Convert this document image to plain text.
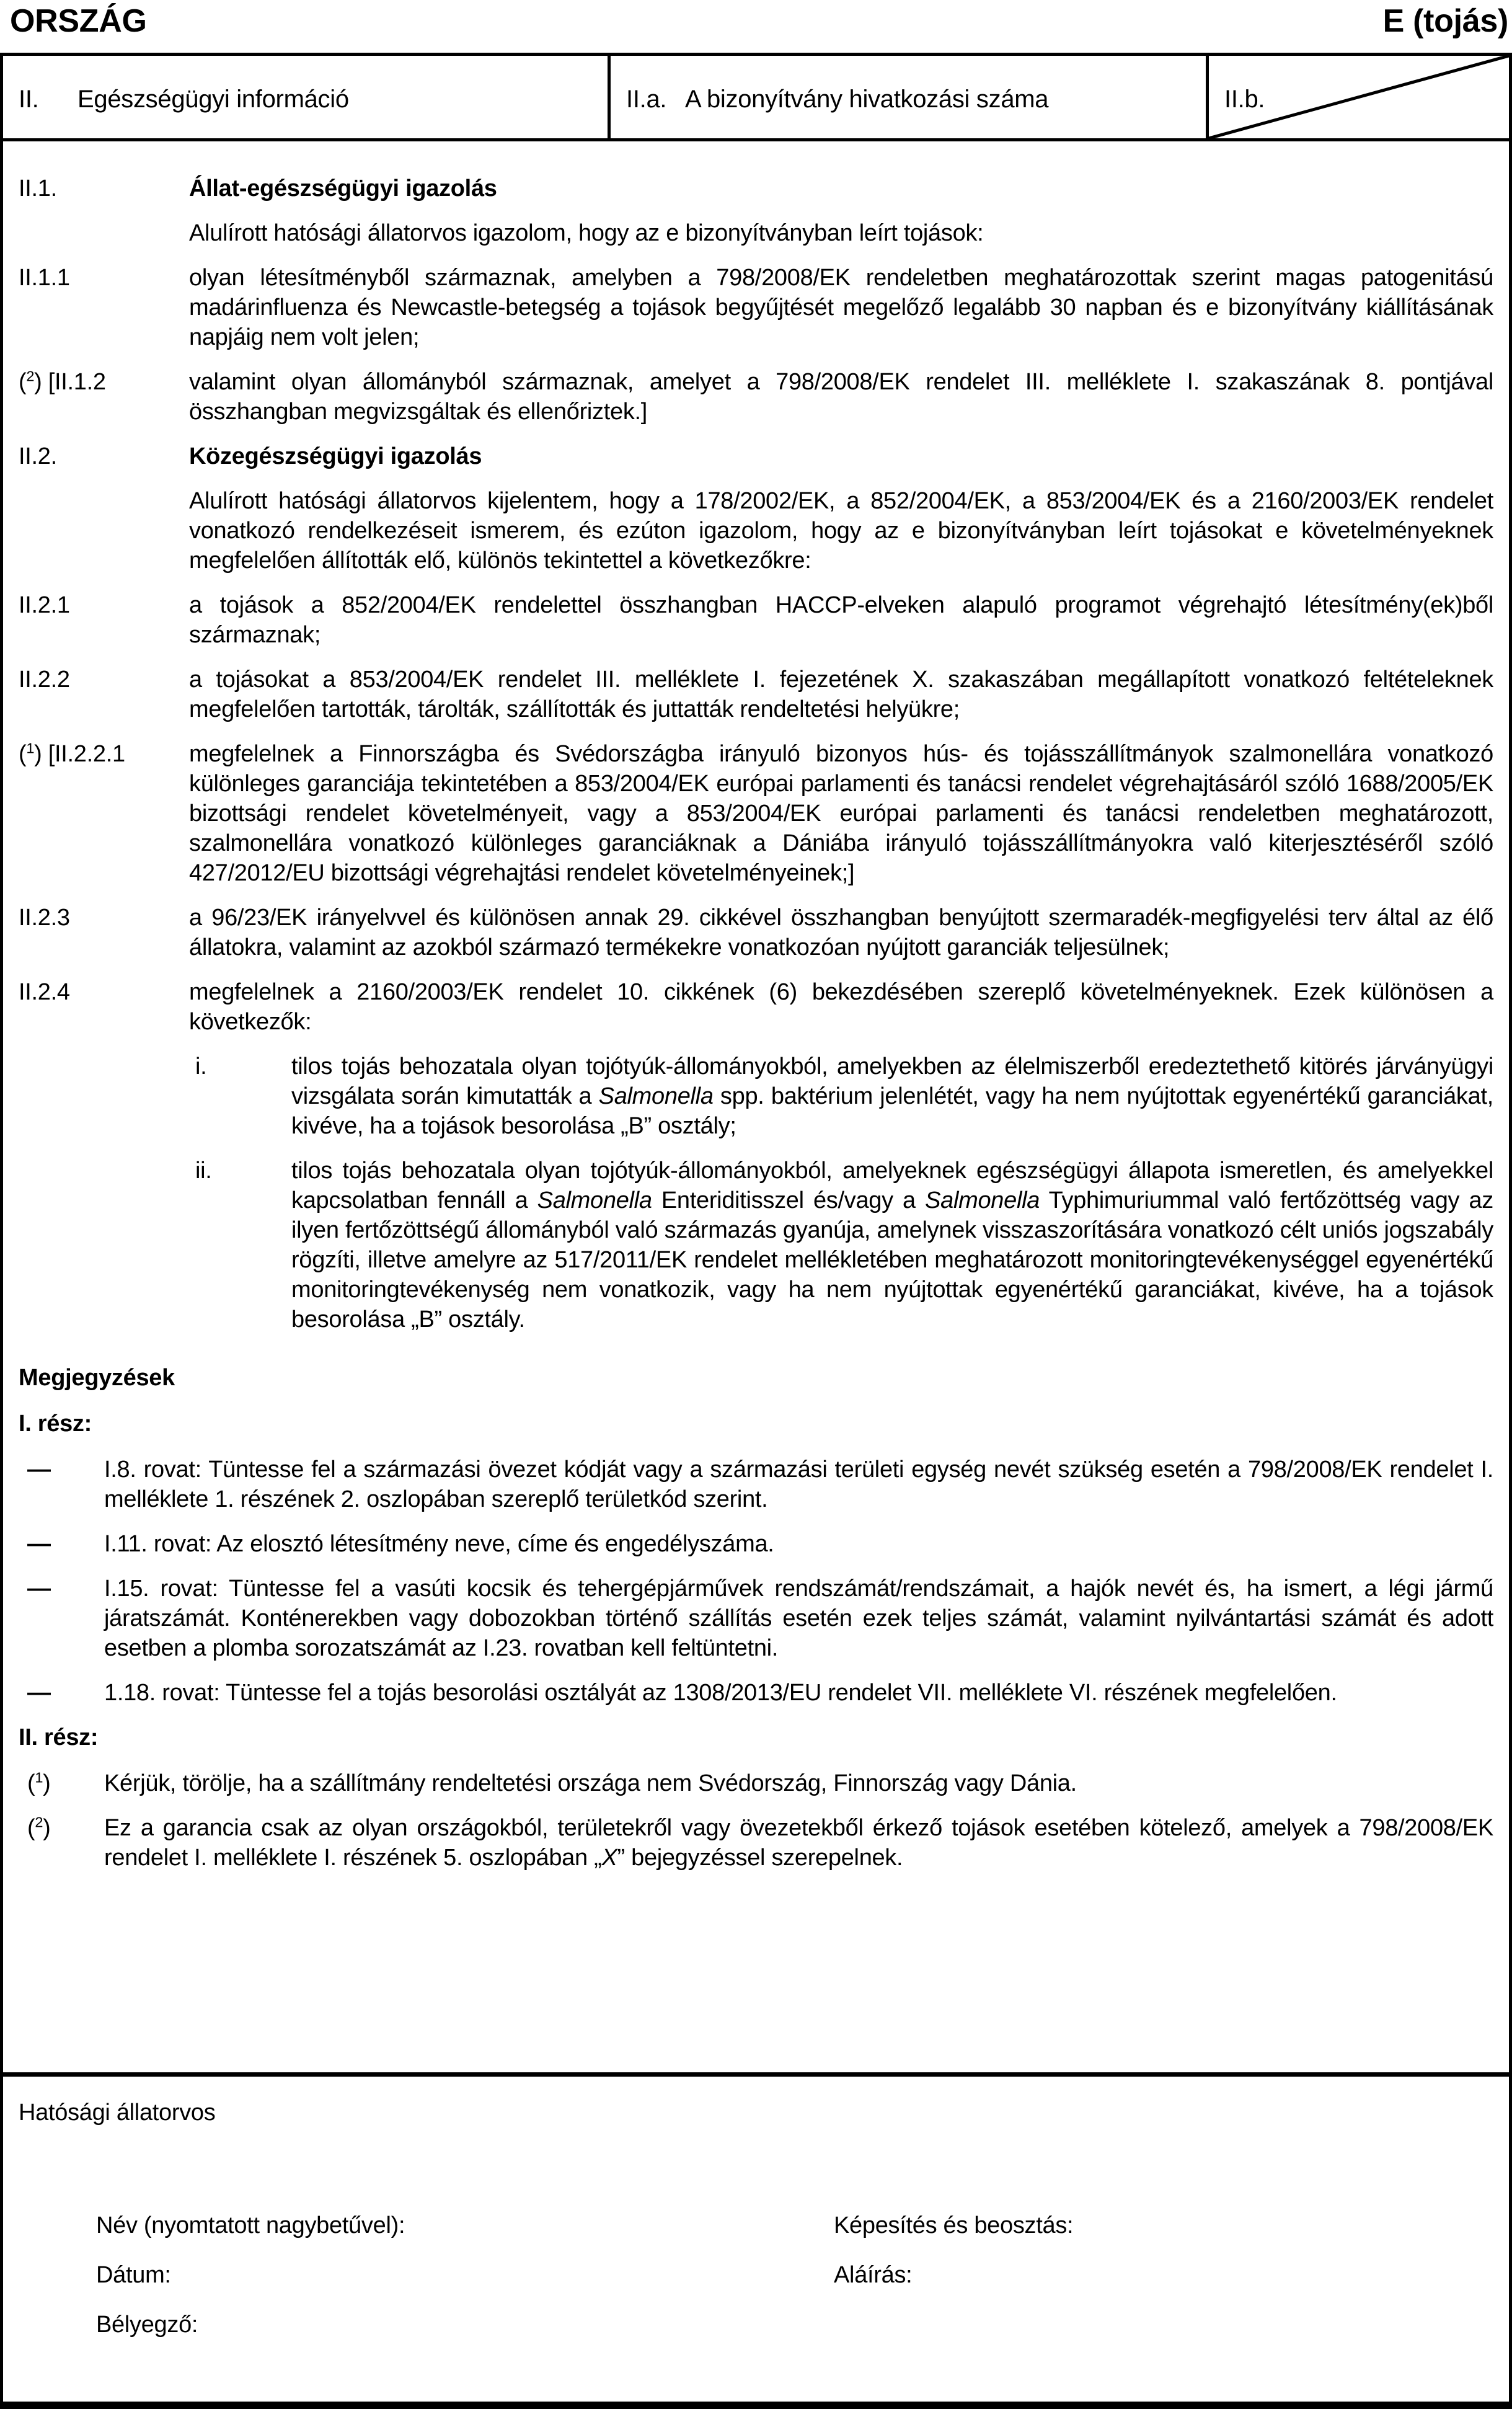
ORSZÁG	E (tojás)
II.	Egészségügyi információ	II.a. A bizonyítvány hivatkozási száma	II.b.
II.1.	Állat-egészségügyi igazolás
Alulírott hatósági állatorvos igazolom, hogy az e bizonyítványban leírt tojások:
II.1.1	olyan létesítményből származnak, amelyben a 798/2008/EK rendeletben meghatározottak szerint magas patogenitású madárinfluenza és Newcastle-betegség a tojások begyűjtését megelőző legalább 30 napban és e bizonyítvány kiállításának napjáig nem volt jelen;
($^2$) [II.1.2	valamint olyan állományból származnak, amelyet a 798/2008/EK rendelet III. melléklete I. szakaszának 8. pontjával összhangban megvizsgáltak és ellenőriztek.]
II.2.	Közegészségügyi igazolás
Alulírott hatósági állatorvos kijelentem, hogy a 178/2002/EK, a 852/2004/EK, a 853/2004/EK és a 2160/2003/EK rendelet vonatkozó rendelkezéseit ismerem, és ezúton igazolom, hogy az e bizonyítványban leírt tojásokat e követelményeknek megfelelően állították elő, különös tekintettel a következőkre:
II.2.1	a tojások a 852/2004/EK rendelettel összhangban HACCP-elveken alapuló programot végrehajtó létesítmény(ek)ből származnak;
II.2.2	a tojásokat a 853/2004/EK rendelet III. melléklete I. fejezetének X. szakaszában megállapított vonatkozó feltételeknek megfelelően tartották, tárolták, szállították és juttatták rendeltetési helyükre;
($^1$) [II.2.2.1	megfelelnek a Finnországba és Svédországba irányuló bizonyos hús- és tojásszállítmányok szalmonellára vonatkozó különleges garanciája tekintetében a 853/2004/EK európai parlamenti és tanácsi rendelet végrehajtásáról szóló 1688/2005/EK bizottsági rendelet követelményeit, vagy a 853/2004/EK európai parlamenti és tanácsi rendeletben meghatározott, szalmonellára vonatkozó különleges garanciáknak a Dániába irányuló tojásszállítmányokra való kiterjesztéséről szóló 427/2012/EU bizottsági végrehajtási rendelet követelményeinek;]
II.2.3	a 96/23/EK irányelvvel és különösen annak 29. cikkével összhangban benyújtott szermaradék-megfigyelési terv által az élő állatokra, valamint az azokból származó termékekre vonatkozóan nyújtott garanciák teljesülnek;
II.2.4	megfelelnek a 2160/2003/EK rendelet 10. cikkének (6) bekezdésében szereplő követelményeknek. Ezek különösen a következők:
i.	tilos tojás behozatala olyan tojótyúk-állományokból, amelyekben az élelmiszerből eredeztethető kitörés járványügyi vizsgálata során kimutatták a Salmonella spp. baktérium jelenlétét, vagy ha nem nyújtottak egyenértékű garanciákat, kivéve, ha a tojások besorolása „B” osztály;
ii.	tilos tojás behozatala olyan tojótyúk-állományokból, amelyeknek egészségügyi állapota ismeretlen, és amelyekkel kapcsolatban fennáll a Salmonella Enteriditisszel és/vagy a Salmonella Typhimuriummal való fertőzöttség vagy az ilyen fertőzöttségű állományból való származás gyanúja, amelynek visszaszorítására vonatkozó célt uniós jogszabály rögzíti, illetve amelyre az 517/2011/EK rendelet mellékletében meghatározott monitoringtevékenységgel egyenértékű monitoringtevékenység nem vonatkozik, vagy ha nem nyújtottak egyenértékű garanciákat, kivéve, ha a tojások besorolása „B” osztály.
Megjegyzések
I. rész:
—	I.8. rovat: Tüntesse fel a származási övezet kódját vagy a származási területi egység nevét szükség esetén a 798/2008/EK rendelet I. melléklete 1. részének 2. oszlopában szereplő területkód szerint.
—	I.11. rovat: Az elosztó létesítmény neve, címe és engedélyszáma.
—	I.15. rovat: Tüntesse fel a vasúti kocsik és tehergépjárművek rendszámát/rendszámait, a hajók nevét és, ha ismert, a légi jármű járatszámát. Konténerekben vagy dobozokban történő szállítás esetén ezek teljes számát, valamint nyilvántartási számát és adott esetben a plomba sorozatszámát az I.23. rovatban kell feltüntetni.
—	1.18. rovat: Tüntesse fel a tojás besorolási osztályát az 1308/2013/EU rendelet VII. melléklete VI. részének megfelelően.
II. rész:
($^1$)	Kérjük, törölje, ha a szállítmány rendeltetési országa nem Svédország, Finnország vagy Dánia.
($^2$)	Ez a garancia csak az olyan országokból, területekről vagy övezetekből érkező tojások esetében kötelező, amelyek a 798/2008/EK rendelet I. melléklete I. részének 5. oszlopában „X” bejegyzéssel szerepelnek.
Hatósági állatorvos
Név (nyomtatott nagybetűvel):	Képesítés és beosztás:
Dátum:	Aláírás:
Bélyegző:
